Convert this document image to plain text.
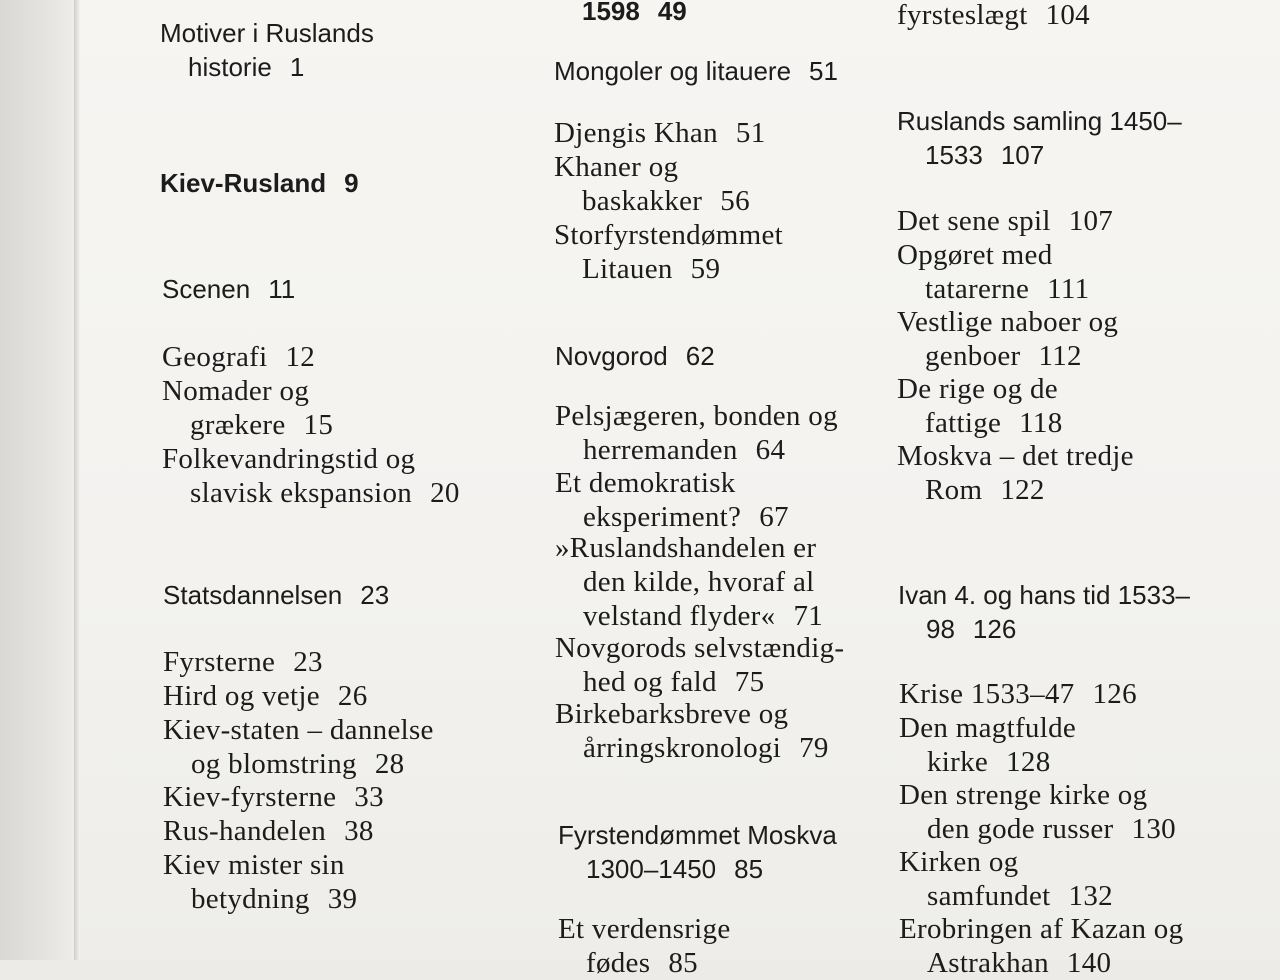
Motiver i Ruslands
historie 1
Kiev-Rusland 9
Scenen 11
Geografi 12
Nomader og
grækere 15
Folkevandringstid og
slavisk ekspansion 20
Statsdannelsen 23
Fyrsterne 23
Hird og vetje 26
Kiev-staten – dannelse
og blomstring 28
Kiev-fyrsterne 33
Rus-handelen 38
Kiev mister sin
betydning 39
1598 49
Mongoler og litauere 51
Djengis Khan 51
Khaner og
baskakker 56
Storfyrstendømmet
Litauen 59
Novgorod 62
Pelsjægeren, bonden og
herremanden 64
Et demokratisk
eksperiment? 67
»Ruslandshandelen er
den kilde, hvoraf al
velstand flyder« 71
Novgorods selvstændig-
hed og fald 75
Birkebarksbreve og
årringskronologi 79
Fyrstendømmet Moskva
1300–1450 85
Et verdensrige
fødes 85
fyrsteslægt 104
Ruslands samling 1450–
1533 107
Det sene spil 107
Opgøret med
tatarerne 111
Vestlige naboer og
genboer 112
De rige og de
fattige 118
Moskva – det tredje
Rom 122
Ivan 4. og hans tid 1533–
98 126
Krise 1533–47 126
Den magtfulde
kirke 128
Den strenge kirke og
den gode russer 130
Kirken og
samfundet 132
Erobringen af Kazan og
Astrakhan 140
